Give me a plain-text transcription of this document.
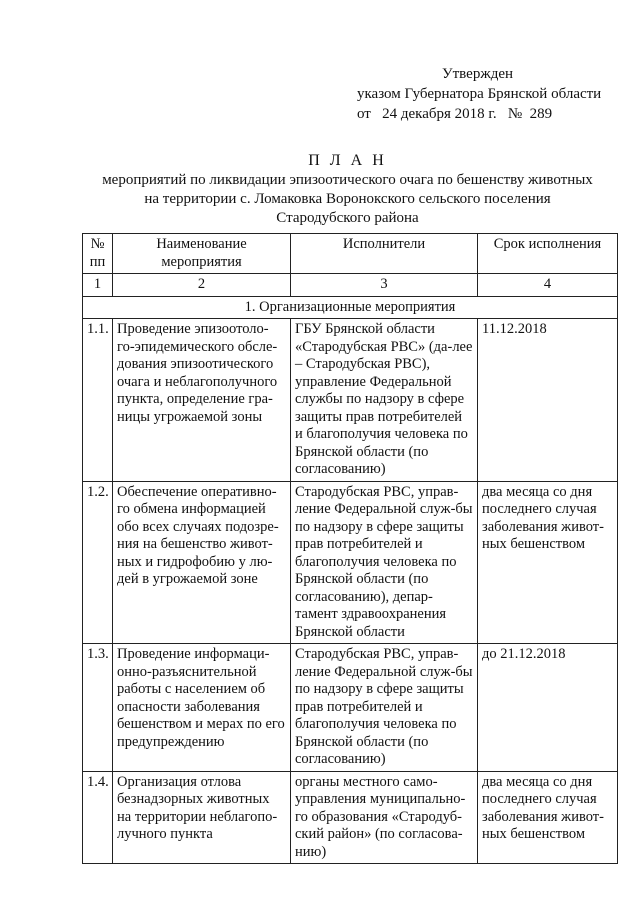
Утвержден
указом Губернатора Брянской области
от   24 декабря 2018 г.   №  289
П Л А Н
мероприятий по ликвидации эпизоотического очага по бешенству животных
на территории с. Ломаковка Воронокского сельского поселения
Стародубского района
№ пп	Наименование мероприятия	Исполнители	Срок исполнения
1	2	3	4
1. Организационные мероприятия			
1.1.	Проведение эпизоотоло-го-эпидемического обсле-дования эпизоотического очага и неблагополучного пункта, определение гра-ницы угрожаемой зоны	ГБУ Брянской области «Стародубская РВС» (да-лее – Стародубская РВС), управление Федеральной службы по надзору в сфере защиты прав потребителей и благополучия человека по Брянской области (по согласованию)	11.12.2018
1.2.	Обеспечение оперативно-го обмена информацией обо всех случаях подозре-ния на бешенство живот-ных и гидрофобию у лю-дей в угрожаемой зоне	Стародубская РВС, управ-ление Федеральной служ-бы по надзору в сфере защиты прав потребителей и благополучия человека по Брянской области (по согласованию), депар-тамент здравоохранения Брянской области	два месяца со дня последнего случая заболевания живот-ных бешенством
1.3.	Проведение информаци-онно-разъяснительной работы с населением об опасности заболевания бешенством и мерах по его предупреждению	Стародубская РВС, управ-ление Федеральной служ-бы по надзору в сфере защиты прав потребителей и благополучия человека по Брянской области (по согласованию)	до 21.12.2018
1.4.	Организация отлова безнадзорных животных на территории неблагопо-лучного пункта	органы местного само-управления муниципально-го образования «Стародуб-ский район» (по согласова-нию)	два месяца со дня последнего случая заболевания живот-ных бешенством
